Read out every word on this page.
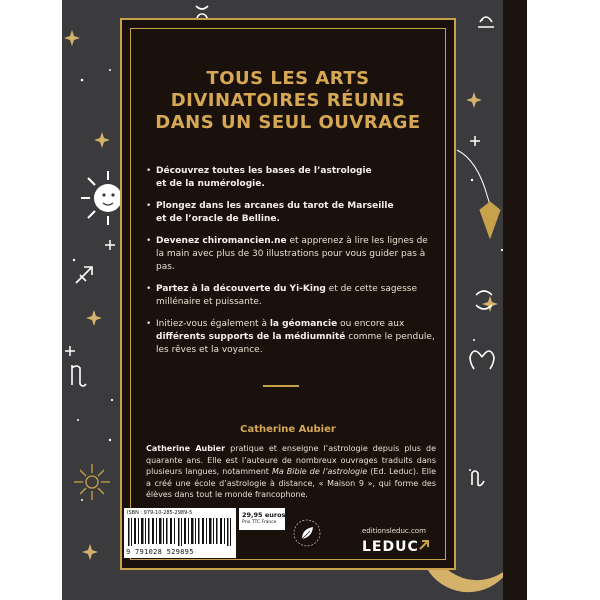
TOUS LES ARTS
DIVINATOIRES RÉUNIS
DANS UN SEUL OUVRAGE
• Découvrez toutes les bases de l’astrologie
et de la numérologie.
• Plongez dans les arcanes du tarot de Marseille
et de l’oracle de Belline.
• Devenez chiromancien.ne et apprenez à lire les lignes de la main avec plus de 30 illustrations pour vous guider pas à pas.
• Partez à la découverte du Yi-King et de cette sagesse millénaire et puissante.
• Initiez-vous également à la géomancie ou encore aux différents supports de la médiumnité comme le pendule, les rêves et la voyance.
Catherine Aubier
Catherine Aubier pratique et enseigne l’astrologie depuis plus de quarante ans. Elle est l’auteure de nombreux ouvrages traduits dans plusieurs langues, notamment Ma Bible de l’astrologie (Ed. Leduc). Elle a créé une école d’astrologie à distance, « Maison 9 », qui forme des élèves dans tout le monde francophone.
ISBN : 979-10-285-2989-5
9 791028 529895
29,95 euros
Prix TTC France
editionsleduc.com
LEDUC
